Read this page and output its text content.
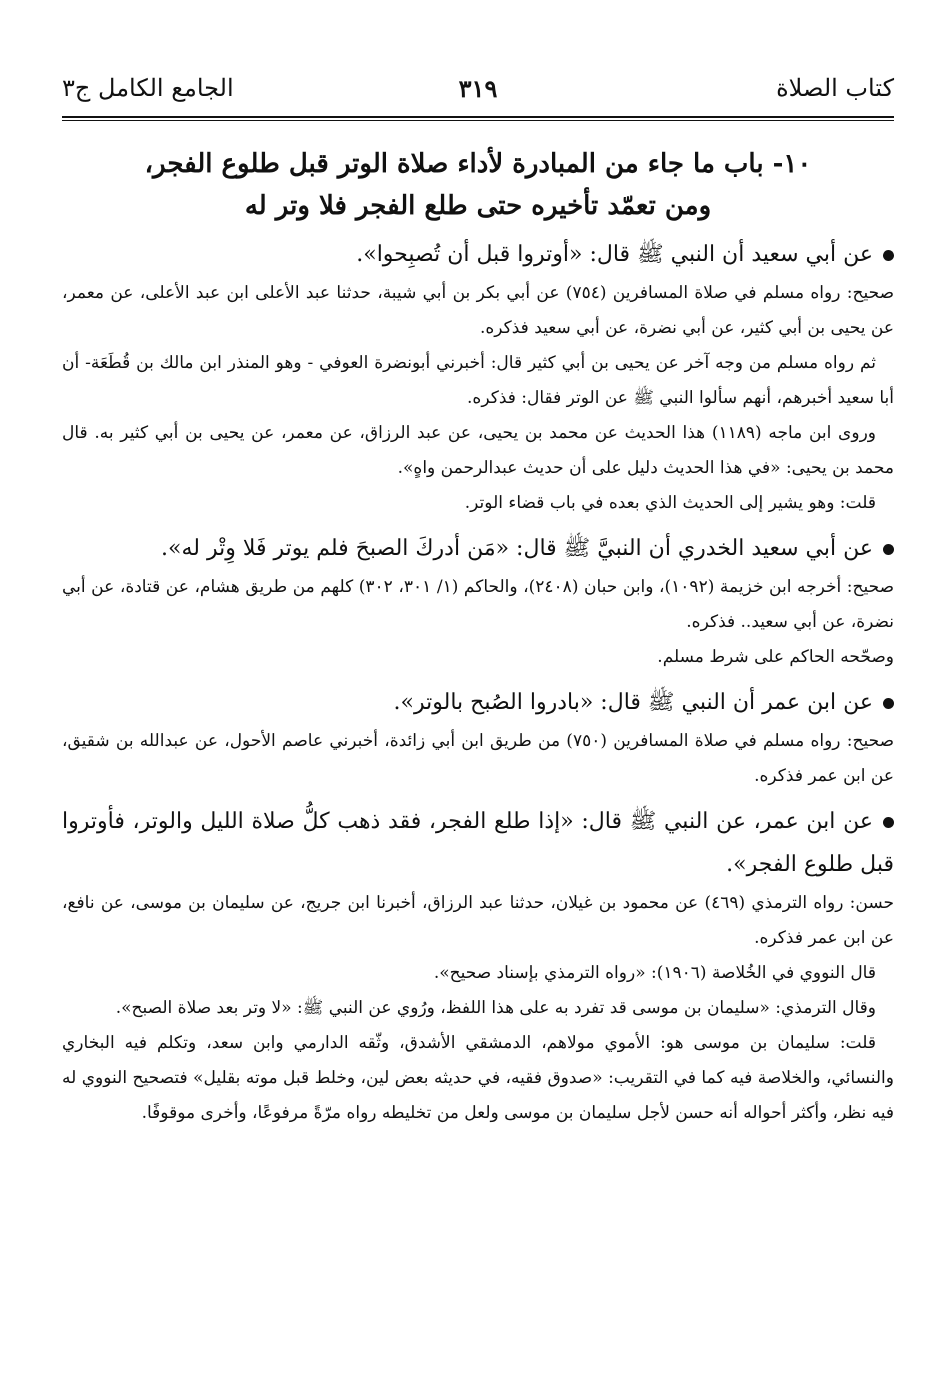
كتاب الصلاة
٣١٩
الجامع الكامل ج٣
١٠- باب ما جاء من المبادرة لأداء صلاة الوتر قبل طلوع الفجر،
ومن تعمّد تأخيره حتى طلع الفجر فلا وتر له

عن أبي سعيد أن النبي ﷺ قال: «أوتروا قبل أن تُصبِحوا».

صحيح: رواه مسلم في صلاة المسافرين (٧٥٤) عن أبي بكر بن أبي شيبة، حدثنا عبد الأعلى ابن عبد الأعلى، عن معمر، عن يحيى بن أبي كثير، عن أبي نضرة، عن أبي سعيد فذكره.

ثم رواه مسلم من وجه آخر عن يحيى بن أبي كثير قال: أخبرني أبونضرة العوفي - وهو المنذر ابن مالك بن قُطَعَة- أن أبا سعيد أخبرهم، أنهم سألوا النبي ﷺ عن الوتر فقال: فذكره.

وروى ابن ماجه (١١٨٩) هذا الحديث عن محمد بن يحيى، عن عبد الرزاق، عن معمر، عن يحيى بن أبي كثير به. قال محمد بن يحيى: «في هذا الحديث دليل على أن حديث عبدالرحمن واهٍ».

قلت: وهو يشير إلى الحديث الذي بعده في باب قضاء الوتر.

عن أبي سعيد الخدري أن النبيَّ ﷺ قال: «مَن أدركَ الصبحَ فلم يوتر فَلا وِتْر له».

صحيح: أخرجه ابن خزيمة (١٠٩٢)، وابن حبان (٢٤٠٨)، والحاكم (١/ ٣٠١، ٣٠٢) كلهم من طريق هشام، عن قتادة، عن أبي نضرة، عن أبي سعيد.. فذكره.

وصحّحه الحاكم على شرط مسلم.

عن ابن عمر أن النبي ﷺ قال: «بادروا الصُبح بالوتر».

صحيح: رواه مسلم في صلاة المسافرين (٧٥٠) من طريق ابن أبي زائدة، أخبرني عاصم الأحول، عن عبدالله بن شقيق، عن ابن عمر فذكره.

عن ابن عمر، عن النبي ﷺ قال: «إذا طلع الفجر، فقد ذهب كلُّ صلاة الليل والوتر، فأوتروا قبل طلوع الفجر».

حسن: رواه الترمذي (٤٦٩) عن محمود بن غيلان، حدثنا عبد الرزاق، أخبرنا ابن جريج، عن سليمان بن موسى، عن نافع، عن ابن عمر فذكره.

قال النووي في الخُلاصة (١٩٠٦): «رواه الترمذي بإسناد صحيح».

وقال الترمذي: «سليمان بن موسى قد تفرد به على هذا اللفظ، ورُوي عن النبي ﷺ: «لا وتر بعد صلاة الصبح».

قلت: سليمان بن موسى هو: الأموي مولاهم، الدمشقي الأشدق، وثّقه الدارمي وابن سعد، وتكلم فيه البخاري والنسائي، والخلاصة فيه كما في التقريب: «صدوق فقيه، في حديثه بعض لين، وخلط قبل موته بقليل» فتصحيح النووي له فيه نظر، وأكثر أحواله أنه حسن لأجل سليمان بن موسى ولعل من تخليطه رواه مرّةً مرفوعًا، وأخرى موقوفًا.
